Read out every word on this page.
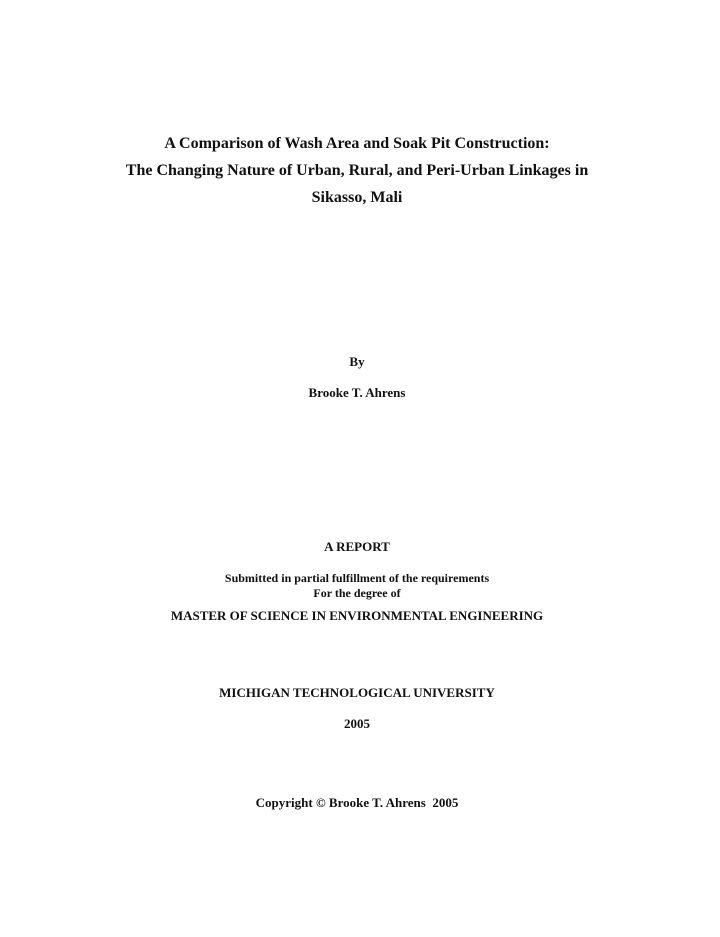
A Comparison of Wash Area and Soak Pit Construction:
The Changing Nature of Urban, Rural, and Peri-Urban Linkages in
Sikasso, Mali
By
Brooke T. Ahrens
A REPORT
Submitted in partial fulfillment of the requirements
For the degree of
MASTER OF SCIENCE IN ENVIRONMENTAL ENGINEERING
MICHIGAN TECHNOLOGICAL UNIVERSITY
2005
Copyright © Brooke T. Ahrens  2005
